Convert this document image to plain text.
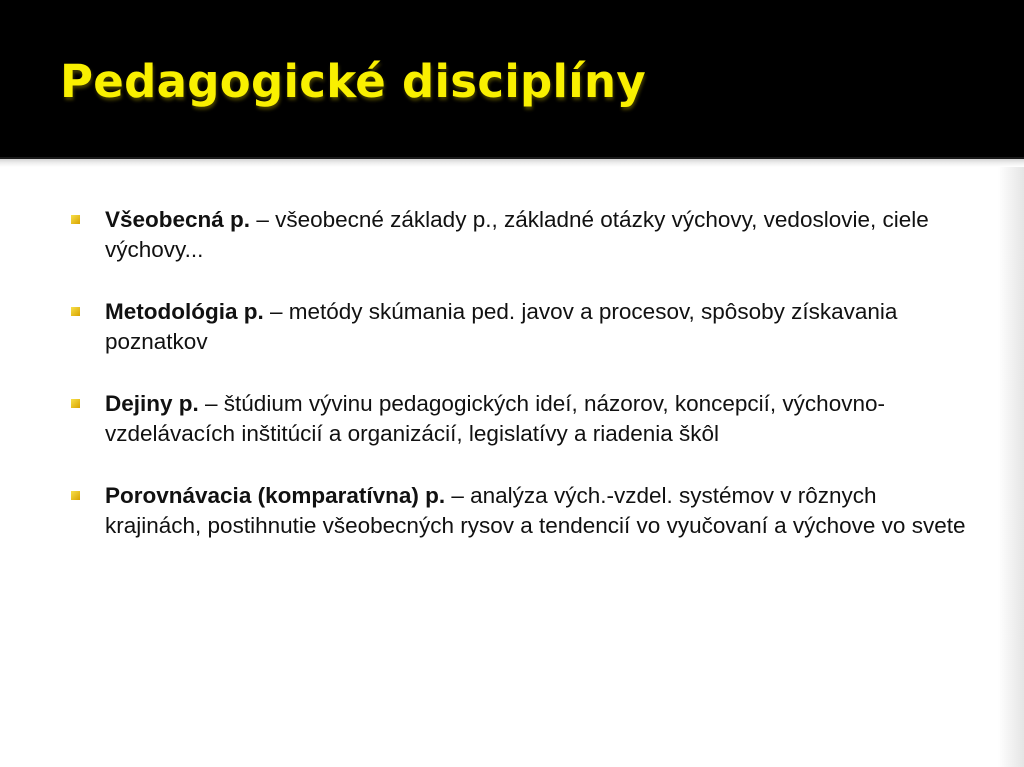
Pedagogické disciplíny
Všeobecná p. – všeobecné základy p., základné otázky výchovy, vedoslovie, ciele výchovy...
Metodológia p. – metódy skúmania ped. javov a procesov, spôsoby získavania poznatkov
Dejiny p. – štúdium vývinu pedagogických ideí, názorov, koncepcií, výchovno-vzdelávacích inštitúcií a organizácií, legislatívy a riadenia škôl
Porovnávacia (komparatívna) p. – analýza vých.-vzdel. systémov v rôznych krajinách, postihnutie všeobecných rysov a tendencií vo vyučovaní a výchove vo svete
